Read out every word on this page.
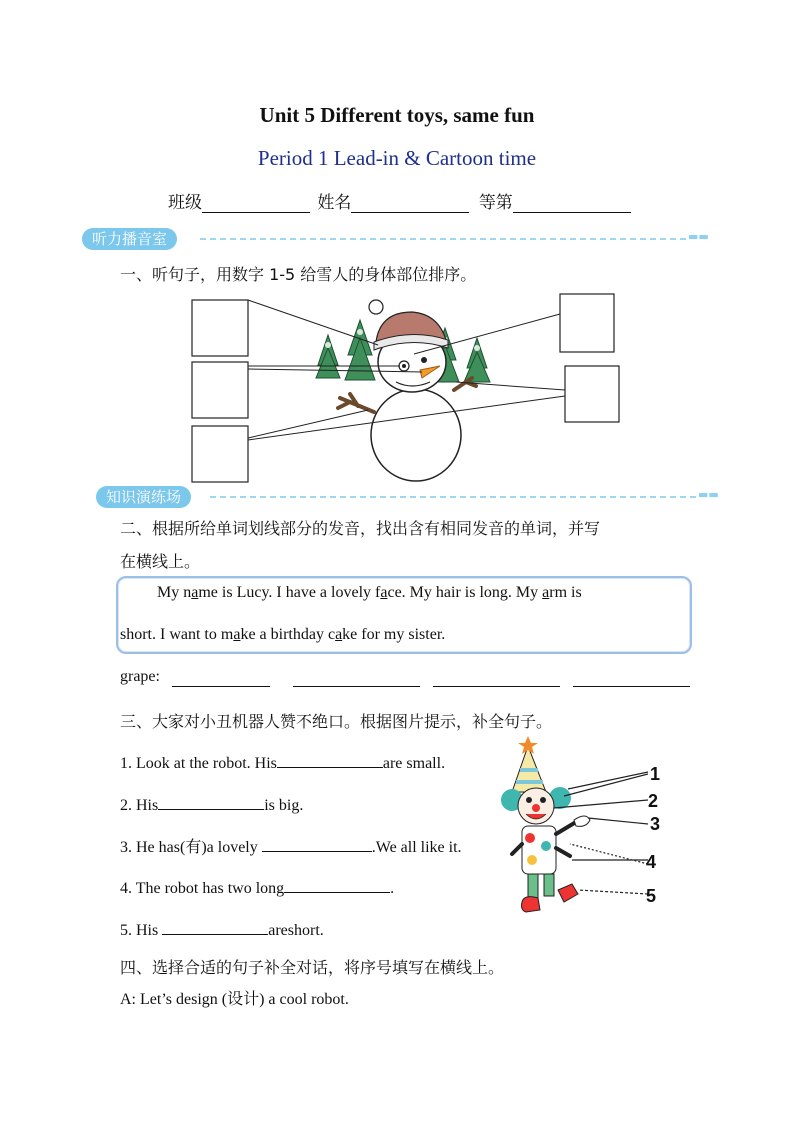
Unit 5 Different toys, same fun
Period 1 Lead-in & Cartoon time
班级	姓名	等第
听力播音室	▬▬
一、听句子，用数字 1-5 给雪人的身体部位排序。
知识演练场	▬▬
二、根据所给单词划线部分的发音，找出含有相同发音的单词，并写
在横线上。
My name is Lucy. I have a lovely face. My hair is long. My arm is
short. I want to make a birthday cake for my sister.
grape:
三、大家对小丑机器人赞不绝口。根据图片提示，补全句子。
1. Look at the robot. His	are small.
2. His	is big.
3. He has(有)a lovely	.We all like it.
4. The robot has two long	.
5. His	areshort.
1
2
3
4
5
四、选择合适的句子补全对话，将序号填写在横线上。
A: Let’s design (设计) a cool robot.
